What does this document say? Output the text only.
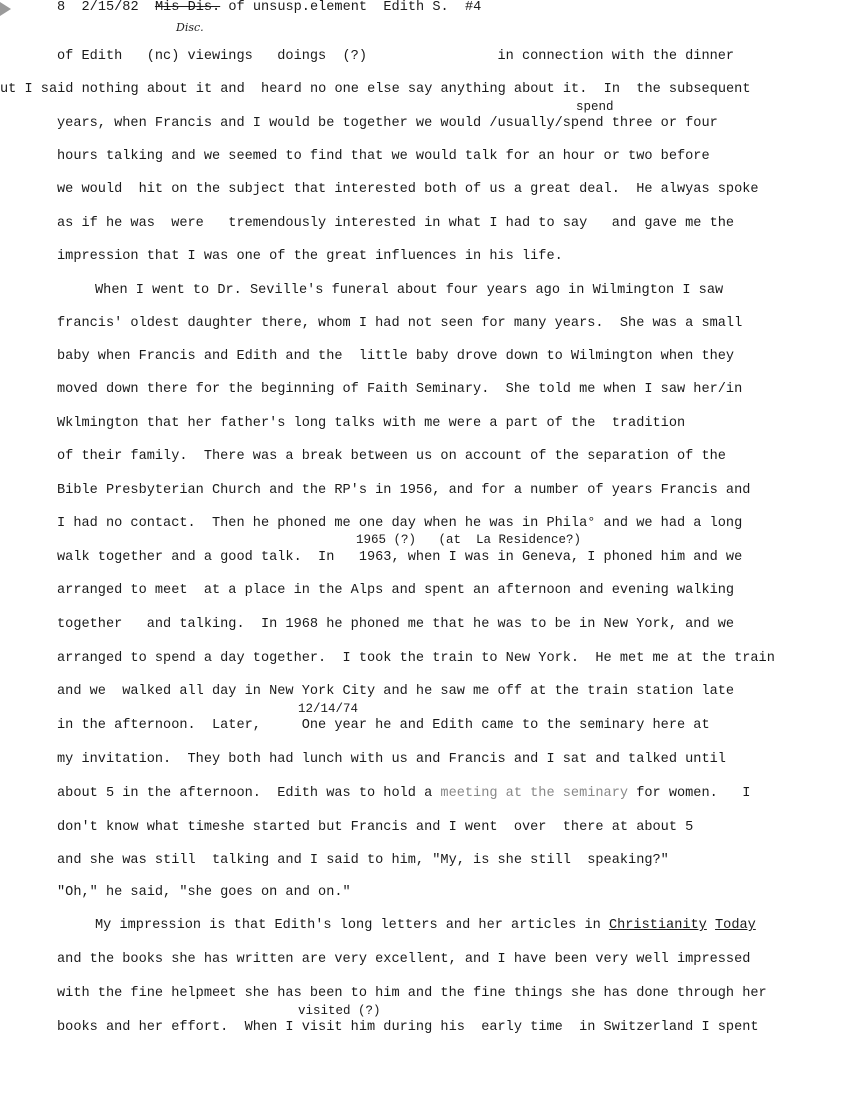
8 2/15/82 Mis Dis. of unsusp.element Edith S. #4
Disc.
of Edith   (nc) viewings   doings  (?)                in connection with the dinner
ut I said nothing about it and  heard no one else say anything about it.  In  the subsequent
spend
years, when Francis and I would be together we would /usually/spend three or four
hours talking and we seemed to find that we would talk for an hour or two before
we would  hit on the subject that interested both of us a great deal.  He alwyas spoke
as if he was  were   tremendously interested in what I had to say   and gave me the
impression that I was one of the great influences in his life.
When I went to Dr. Seville's funeral about four years ago in Wilmington I saw
francis' oldest daughter there, whom I had not seen for many years.  She was a small
baby when Francis and Edith and the  little baby drove down to Wilmington when they
moved down there for the beginning of Faith Seminary.  She told me when I saw her/in
Wklmington that her father's long talks with me were a part of the  tradition
of their family.  There was a break between us on account of the separation of the
Bible Presbyterian Church and the RP's in 1956, and for a number of years Francis and
I had no contact.  Then he phoned me one day when he was in Phila° and we had a long
1965 (?)   (at  La Residence?)
walk together and a good talk.  In   1963, when I was in Geneva, I phoned him and we
arranged to meet  at a place in the Alps and spent an afternoon and evening walking
together   and talking.  In 1968 he phoned me that he was to be in New York, and we
arranged to spend a day together.  I took the train to New York.  He met me at the train
and we  walked all day in New York City and he saw me off at the train station late
12/14/74
in the afternoon.  Later,     One year he and Edith came to the seminary here at
my invitation.  They both had lunch with us and Francis and I sat and talked until
about 5 in the afternoon.  Edith was to hold a meeting at the seminary for women.   I
don't know what timeshe started but Francis and I went  over  there at about 5
and she was still  talking and I said to him, "My, is she still  speaking?"
"Oh," he said, "she goes on and on."
My impression is that Edith's long letters and her articles in Christianity Today
and the books she has written are very excellent, and I have been very well impressed
with the fine helpmeet she has been to him and the fine things she has done through her
visited (?)
books and her effort.  When I visit him during his  early time  in Switzerland I spent
